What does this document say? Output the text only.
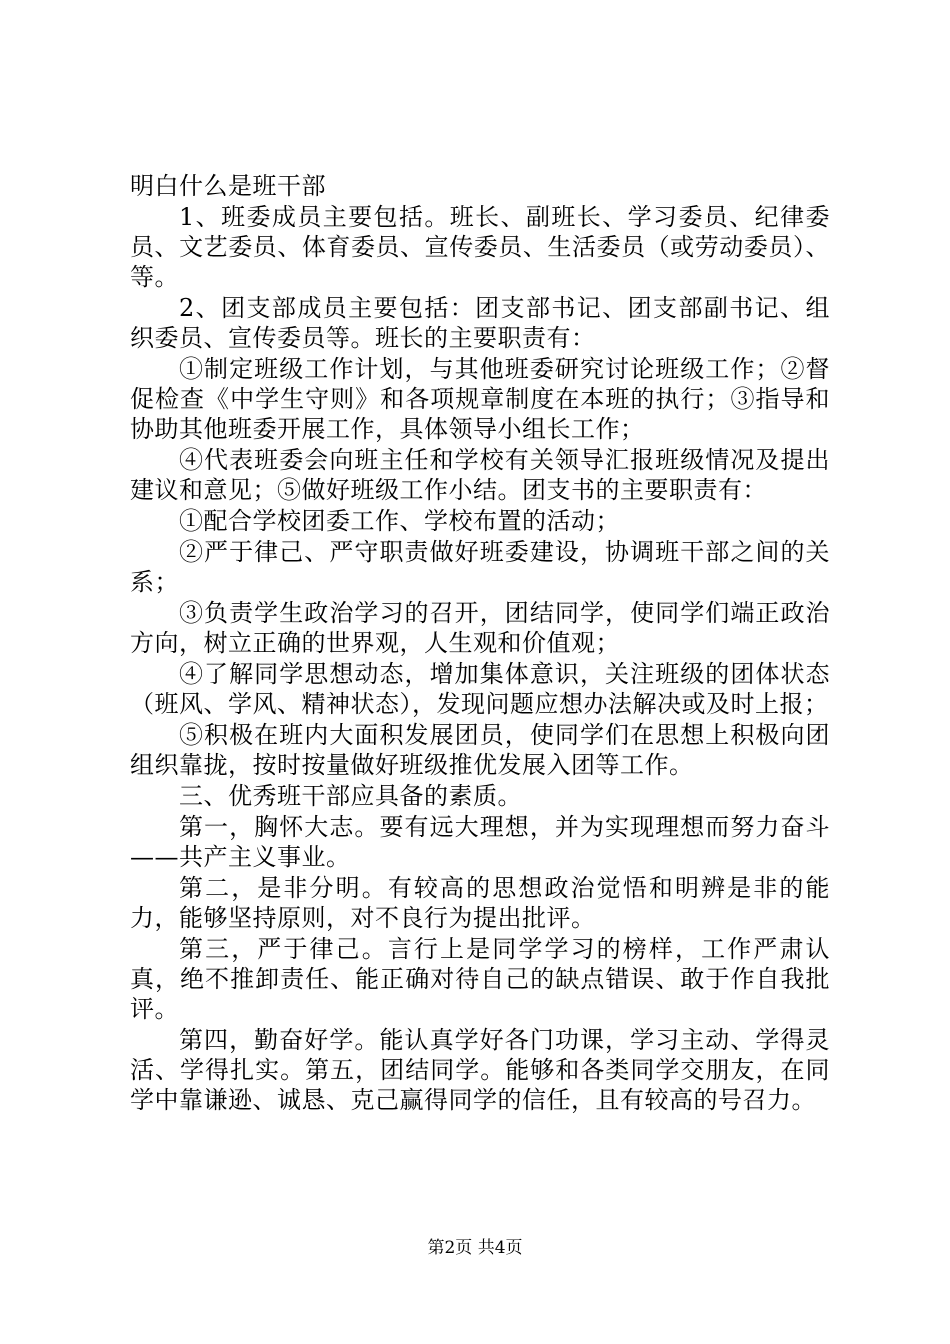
明白什么是班干部

1、班委成员主要包括。班长、副班长、学习委员、纪律委员、文艺委员、体育委员、宣传委员、生活委员（或劳动委员）、等。

2、团支部成员主要包括：团支部书记、团支部副书记、组织委员、宣传委员等。班长的主要职责有：

①制定班级工作计划，与其他班委研究讨论班级工作；②督促检查《中学生守则》和各项规章制度在本班的执行；③指导和协助其他班委开展工作，具体领导小组长工作；

④代表班委会向班主任和学校有关领导汇报班级情况及提出建议和意见；⑤做好班级工作小结。团支书的主要职责有：

①配合学校团委工作、学校布置的活动；

②严于律己、严守职责做好班委建设，协调班干部之间的关系；

③负责学生政治学习的召开，团结同学，使同学们端正政治方向，树立正确的世界观，人生观和价值观；

④了解同学思想动态，增加集体意识，关注班级的团体状态（班风、学风、精神状态），发现问题应想办法解决或及时上报；

⑤积极在班内大面积发展团员，使同学们在思想上积极向团组织靠拢，按时按量做好班级推优发展入团等工作。

三、优秀班干部应具备的素质。

第一，胸怀大志。要有远大理想，并为实现理想而努力奋斗——共产主义事业。

第二，是非分明。有较高的思想政治觉悟和明辨是非的能力，能够坚持原则，对不良行为提出批评。

第三，严于律己。言行上是同学学习的榜样，工作严肃认真，绝不推卸责任、能正确对待自己的缺点错误、敢于作自我批评。

第四，勤奋好学。能认真学好各门功课，学习主动、学得灵活、学得扎实。第五，团结同学。能够和各类同学交朋友，在同学中靠谦逊、诚恳、克己赢得同学的信任，且有较高的号召力。

第2页 共4页
